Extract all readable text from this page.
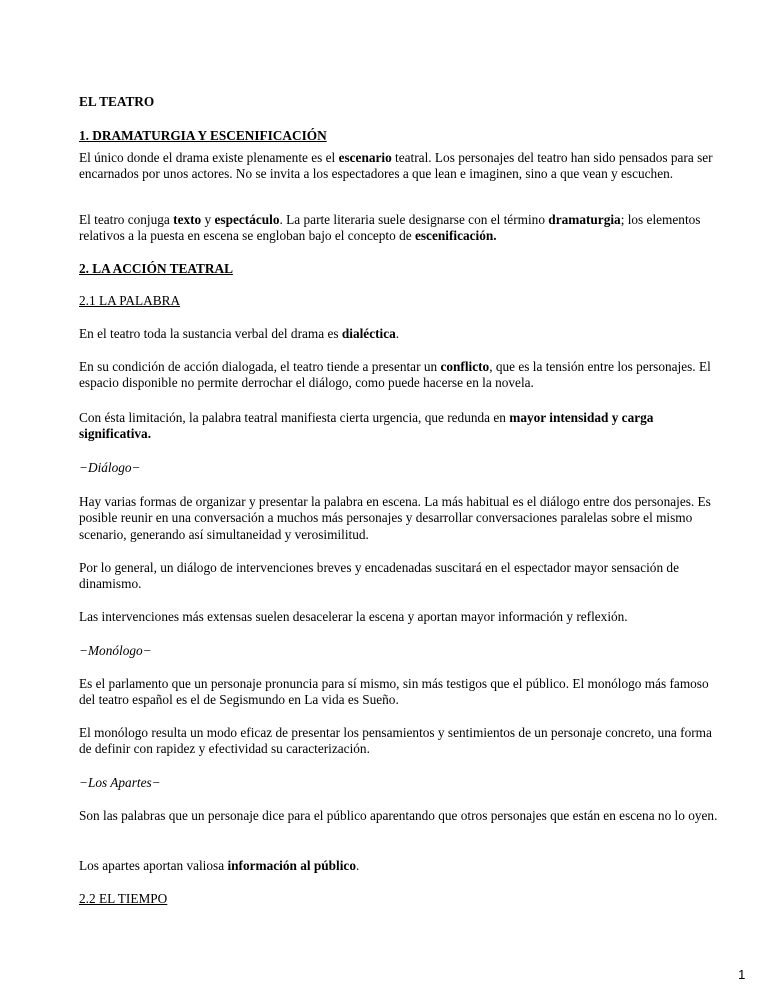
EL TEATRO

1. DRAMATURGIA Y ESCENIFICACIÓN

El único donde el drama existe plenamente es el escenario teatral. Los personajes del teatro han sido pensados para ser encarnados por unos actores. No se invita a los espectadores a que lean e imaginen, sino a que vean y escuchen.

El teatro conjuga texto y espectáculo. La parte literaria suele designarse con el término dramaturgia; los elementos relativos a la puesta en escena se engloban bajo el concepto de escenificación.

2. LA ACCIÓN TEATRAL

2.1 LA PALABRA

En el teatro toda la sustancia verbal del drama es dialéctica.

En su condición de acción dialogada, el teatro tiende a presentar un conflicto, que es la tensión entre los personajes. El espacio disponible no permite derrochar el diálogo, como puede hacerse en la novela.

Con ésta limitación, la palabra teatral manifiesta cierta urgencia, que redunda en mayor intensidad y carga significativa.

−Diálogo−

Hay varias formas de organizar y presentar la palabra en escena. La más habitual es el diálogo entre dos personajes. Es posible reunir en una conversación a muchos más personajes y desarrollar conversaciones paralelas sobre el mismo scenario, generando así simultaneidad y verosimilitud.

Por lo general, un diálogo de intervenciones breves y encadenadas suscitará en el espectador mayor sensación de dinamismo.

Las intervenciones más extensas suelen desacelerar la escena y aportan mayor información y reflexión.

−Monólogo−

Es el parlamento que un personaje pronuncia para sí mismo, sin más testigos que el público. El monólogo más famoso del teatro español es el de Segismundo en La vida es Sueño.

El monólogo resulta un modo eficaz de presentar los pensamientos y sentimientos de un personaje concreto, una forma de definir con rapidez y efectividad su caracterización.

−Los Apartes−

Son las palabras que un personaje dice para el público aparentando que otros personajes que están en escena no lo oyen.

Los apartes aportan valiosa información al público.

2.2 EL TIEMPO

1
